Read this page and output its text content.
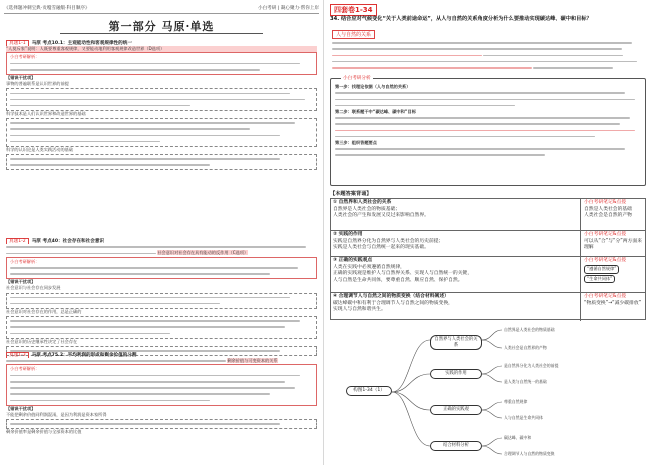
《选择题冲刺宝典·贡嘎雪融版·科目顺序》	小白考研 | 凝心聚力·帮你上岸
第一部分 马原·单选
真题1-1 马原 考点10.1：主观能动性和客观规律性的统一
“人莫斥家”说明：人既要尊重客观规律，又要能动地利用客观规律改造世界（D选项）
小白考研解析：
【错误干扰项】
事物的普遍联系是认识世界的前提
科学技术是人们认识世界和改造世界的基础
科学的认识论是人类实践活动的基础
真题1-2 马原 考点40：社会存在和社会意识
社会意识对社会存在具有能动的反作用（C选项）
小白考研解析：
【错误干扰项】
社会意识与社会存在同步发展
社会意识对社会存在的作用，总是正确的
社会意识的历史继承性决定了社会存在
真题1-3 马原 考点75.2：平均利润的形成和剩余价值的分割
剩余价值与可变资本的关系
小白考研解析：
【错误干扰项】
不能把剩余价值同利润混淆，是因为利润是资本家所得
剩余价值率是剩余价值与全部资本的比值
四套卷1-34
34. 结合应对气候变化“关于人类前途命运”，从人与自然的关系角度分析为什么要推动实现碳达峰、碳中和目标？
人与自然的关系

小白考研分析
第一步：找理论依据（人与自然的关系）
第二步：联系题干中“碳达峰、碳中和”目标
第三步：组织答题要点
【本题答案背诵】
① 自然界和人类社会的关系
自然界是人类社会的物质基础；
人类社会的产生和发展又反过来影响自然界。
小白考研笔记&点拨
自然是人类社会的基础
人类社会是自然的产物
② 实践的作用
实践是自然界分化为自然界与人类社会的历史前提；
实践是人类社会与自然统一起来的现实基础。
小白考研笔记&点拨
可以从“合”与“分”两方面来理解
③ 正确的实践观点
人类在实践中必须遵循自然规律，
正确的实践观是维护人与自然界关系、实现人与自然统一的关键，
人与自然是生命共同体，要尊重自然、顺应自然、保护自然。
小白考研笔记&点拨
“遵循自然规律”
“生命共同体”
④ 合理调节人与自然之间的物质变换（结合材料阐述）
碳达峰碳中和有利于合理调节人与自然之间的物质变换，
实现人与自然和谐共生。
小白考研笔记&点拨
“物质变换”→“减少碳排放”
构图1-34（1）
自然界与人类社会的关系
实践的作用
正确的实践观
结合材料分析
自然界是人类社会的物质基础
人类社会是自然界的产物
是自然界分化为人类社会的前提
是人类与自然统一的基础
尊重自然规律
人与自然是生命共同体
碳达峰、碳中和
合理调节人与自然的物质变换
